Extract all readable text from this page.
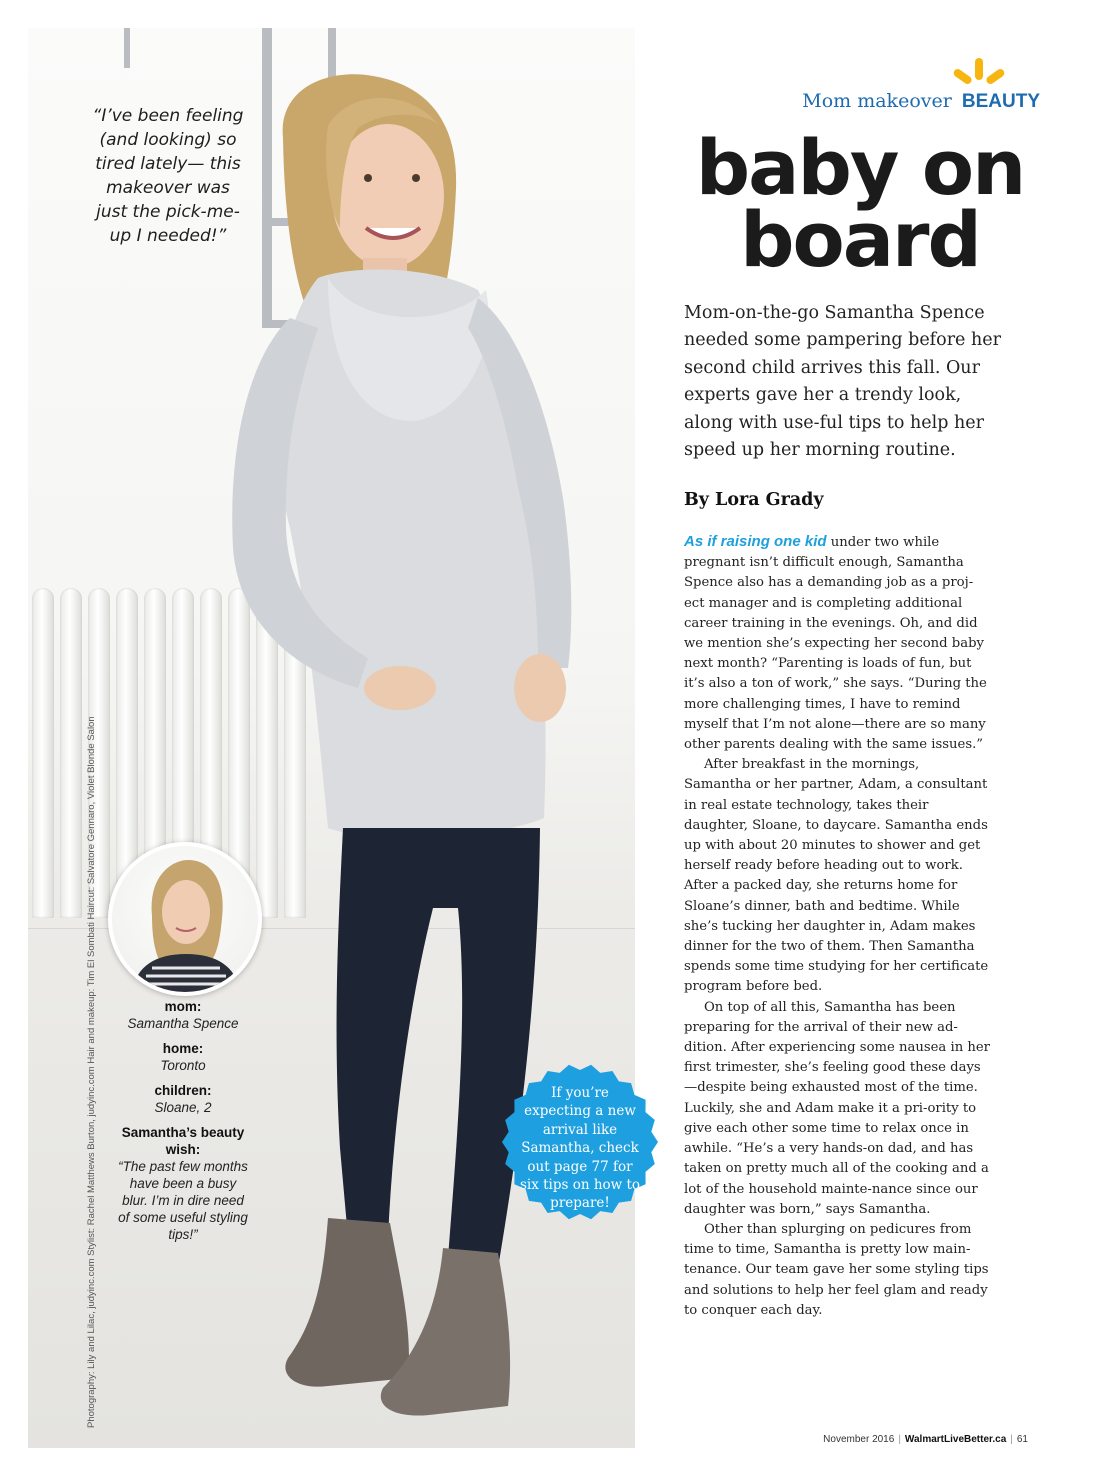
Photography: Lily and Lilac, judyinc.com Stylist: Rachel Matthews Burton, judyinc.com Hair and makeup: Tim El Sombati Haircut: Salvatore Gennaro, Violet Blonde Salon
“I’ve been feeling (and looking) so tired lately— this makeover was just the pick-me-up I needed!”
mom:
Samantha Spence
home:
Toronto
children:
Sloane, 2
Samantha’s beauty wish:
“The past few months have been a busy blur. I’m in dire need of some useful styling tips!”
If you’re expecting a new arrival like Samantha, check out page 77 for six tips on how to prepare!
Mom makeover BEAUTY
baby on
board
Mom-on-the-go Samantha Spence needed some pampering before her second child arrives this fall. Our experts gave her a trendy look, along with use-ful tips to help her speed up her morning routine.
By Lora Grady

As if raising one kid under two while pregnant isn’t difficult enough, Samantha Spence also has a demanding job as a proj-ect manager and is completing additional career training in the evenings. Oh, and did we mention she’s expecting her second baby next month? “Parenting is loads of fun, but it’s also a ton of work,” she says. “During the more challenging times, I have to remind myself that I’m not alone—there are so many other parents dealing with the same issues.”

After breakfast in the mornings, Samantha or her partner, Adam, a consultant in real estate technology, takes their daughter, Sloane, to daycare. Samantha ends up with about 20 minutes to shower and get herself ready before heading out to work. After a packed day, she returns home for Sloane’s dinner, bath and bedtime. While she’s tucking her daughter in, Adam makes dinner for the two of them. Then Samantha spends some time studying for her certificate program before bed.

On top of all this, Samantha has been preparing for the arrival of their new ad-dition. After experiencing some nausea in her first trimester, she’s feeling good these days—despite being exhausted most of the time. Luckily, she and Adam make it a pri-ority to give each other some time to relax once in awhile. “He’s a very hands-on dad, and has taken on pretty much all of the cooking and a lot of the household mainte-nance since our daughter was born,” says Samantha.

Other than splurging on pedicures from time to time, Samantha is pretty low main-tenance. Our team gave her some styling tips and solutions to help her feel glam and ready to conquer each day.

November 2016 | WalmartLiveBetter.ca | 61
